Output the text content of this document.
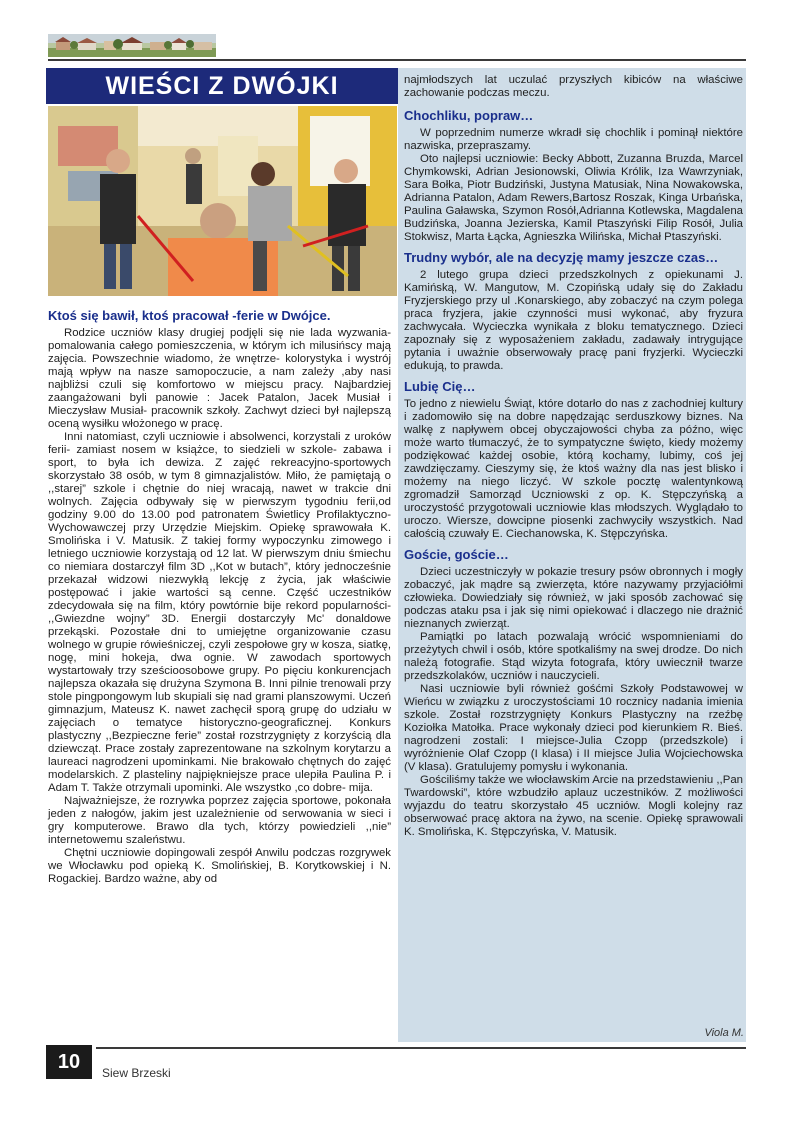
WIEŚCI Z DWÓJKI
Ktoś się bawił, ktoś pracował -ferie w Dwójce.

Rodzice uczniów klasy drugiej podjęli się nie lada wyzwania- pomalowania całego pomieszczenia, w którym ich milusińscy mają zajęcia. Powszechnie wiadomo, że wnętrze- kolorystyka i wystrój mają wpływ na nasze samopoczucie, a nam zależy ,aby nasi najbliżsi czuli się komfortowo w miejscu pracy. Najbardziej zaangażowani byli panowie : Jacek Patalon, Jacek Musiał i Mieczysław Musiał- pracownik szkoły. Zachwyt dzieci był najlepszą oceną wysiłku włożonego w pracę.

Inni natomiast, czyli uczniowie i absolwenci, korzystali z uroków ferii- zamiast nosem w książce, to siedzieli w szkole- zabawa i sport, to była ich dewiza. Z zajęć rekreacyjno-sportowych skorzystało 38 osób, w tym 8 gimnazjalistów. Miło, że pamiętają o ,,starej” szkole i chętnie do niej wracają, nawet w trakcie dni wolnych. Zajęcia odbywały się w pierwszym tygodniu ferii,od godziny 9.00 do 13.00 pod patronatem Świetlicy Profilaktyczno-Wychowawczej przy Urzędzie Miejskim. Opiekę sprawowała K. Smolińska i V. Matusik. Z takiej formy wypoczynku zimowego i letniego uczniowie korzystają od 12 lat. W pierwszym dniu śmiechu co niemiara dostarczył film 3D ,,Kot w butach”, który jednocześnie przekazał widzowi niezwykłą lekcję z życia, jak właściwie postępować i jakie wartości są cenne. Część uczestników zdecydowała się na film, który powtórnie bije rekord popularności- ,,Gwiezdne wojny” 3D. Energii dostarczyły Mc' donaldowe przekąski. Pozostałe dni to umiejętne organizowanie czasu wolnego w grupie rówieśniczej, czyli zespołowe gry w kosza, siatkę, nogę, mini hokeja, dwa ognie. W zawodach sportowych wystartowały trzy sześcioosobowe grupy. Po pięciu konkurencjach najlepsza okazała się drużyna Szymona B. Inni pilnie trenowali przy stole pingpongowym lub skupiali się nad grami planszowymi. Uczeń gimnazjum, Mateusz K. nawet zachęcił sporą grupę do udziału w zajęciach o tematyce historyczno-geograficznej. Konkurs plastyczny ,,Bezpieczne ferie” został rozstrzygnięty z korzyścią dla dziewcząt. Prace zostały zaprezentowane na szkolnym korytarzu a laureaci nagrodzeni upominkami. Nie brakowało chętnych do zajęć modelarskich. Z plasteliny najpiękniejsze prace ulepiła Paulina P. i Adam T. Także otrzymali upominki. Ale wszystko ,co dobre- mija.

Najważniejsze, że rozrywka poprzez zajęcia sportowe, pokonała jeden z nałogów, jakim jest uzależnienie od serwowania w sieci i gry komputerowe. Brawo dla tych, którzy powiedzieli ,,nie” internetowemu szaleństwu.

Chętni uczniowie dopingowali zespół Anwilu podczas rozgrywek we Włocławku pod opieką K. Smolińskiej, B. Korytkowskiej i N. Rogackiej. Bardzo ważne, aby od

najmłodszych lat uczulać przyszłych kibiców na właściwe zachowanie podczas meczu.

Chochliku, popraw…

W poprzednim numerze wkradł się chochlik i pominął niektóre nazwiska, przepraszamy.

Oto najlepsi uczniowie: Becky Abbott, Zuzanna Bruzda, Marcel Chymkowski, Adrian Jesionowski, Oliwia Królik, Iza Wawrzyniak, Sara Bołka, Piotr Budziński, Justyna Matusiak, Nina Nowakowska, Adrianna Patalon, Adam Rewers,Bartosz Roszak, Kinga Urbańska, Paulina Gaławska, Szymon Rosół,Adrianna Kotlewska, Magdalena Budzińska, Joanna Jezierska, Kamil Ptaszyński Filip Rosół, Julia Stokwisz, Marta Łącka, Agnieszka Wilińska, Michał Ptaszyński.

Trudny wybór, ale na decyzję mamy jeszcze czas…

2 lutego grupa dzieci przedszkolnych z opiekunami J. Kamińską, W. Mangutow, M. Czopińską udały się do Zakładu Fryzjerskiego przy ul .Konarskiego, aby zobaczyć na czym polega praca fryzjera, jakie czynności musi wykonać, aby fryzura zachwycała. Wycieczka wynikała z bloku tematycznego. Dzieci zapoznały się z wyposażeniem zakładu, zadawały intrygujące pytania i uważnie obserwowały pracę pani fryzjerki. Wycieczki edukują, to prawda.

Lubię Cię…

To jedno z niewielu Świąt, które dotarło do nas z zachodniej kultury i zadomowiło się na dobre napędzając serduszkowy biznes. Na walkę z napływem obcej obyczajowości chyba za późno, więc może warto tłumaczyć, że to sympatyczne święto, kiedy możemy podziękować każdej osobie, którą kochamy, lubimy, coś jej zawdzięczamy. Cieszymy się, że ktoś ważny dla nas jest blisko i możemy na niego liczyć. W szkole pocztę walentynkową zgromadził Samorząd Uczniowski z op. K. Stępczyńską a uroczystość przygotowali uczniowie klas młodszych. Wyglądało to uroczo. Wiersze, dowcipne piosenki zachwyciły wszystkich. Nad całością czuwały E. Ciechanowska, K. Stępczyńska.

Goście, goście…

Dzieci uczestniczyły w pokazie tresury psów obronnych i mogły zobaczyć, jak mądre są zwierzęta, które nazywamy przyjaciółmi człowieka. Dowiedziały się również, w jaki sposób zachować się podczas ataku psa i jak się nimi opiekować i dlaczego nie drażnić nieznanych zwierząt.

Pamiątki po latach pozwalają wrócić wspomnieniami do przeżytych chwil i osób, które spotkaliśmy na swej drodze. Do nich należą fotografie. Stąd wizyta fotografa, który uwiecznił twarze przedszkolaków, uczniów i nauczycieli.

Nasi uczniowie byli również gośćmi Szkoły Podstawowej w Wieńcu w związku z uroczystościami 10 rocznicy nadania imienia szkole. Został rozstrzygnięty Konkurs Plastyczny na rzeźbę Koziołka Matołka. Prace wykonały dzieci pod kierunkiem R. Bieś. nagrodzeni zostali: I miejsce-Julia Czopp (przedszkole) i wyróżnienie Olaf Czopp (I klasa) i II miejsce Julia Wojciechowska (V klasa). Gratulujemy pomysłu i wykonania.

Gościliśmy także we włocławskim Arcie na przedstawieniu ,,Pan Twardowski”, które wzbudziło aplauz uczestników. Z możliwości wyjazdu do teatru skorzystało 45 uczniów. Mogli kolejny raz obserwować pracę aktora na żywo, na scenie. Opiekę sprawowali K. Smolińska, K. Stępczyńska, V. Matusik.

Viola M.
10	Siew Brzeski
